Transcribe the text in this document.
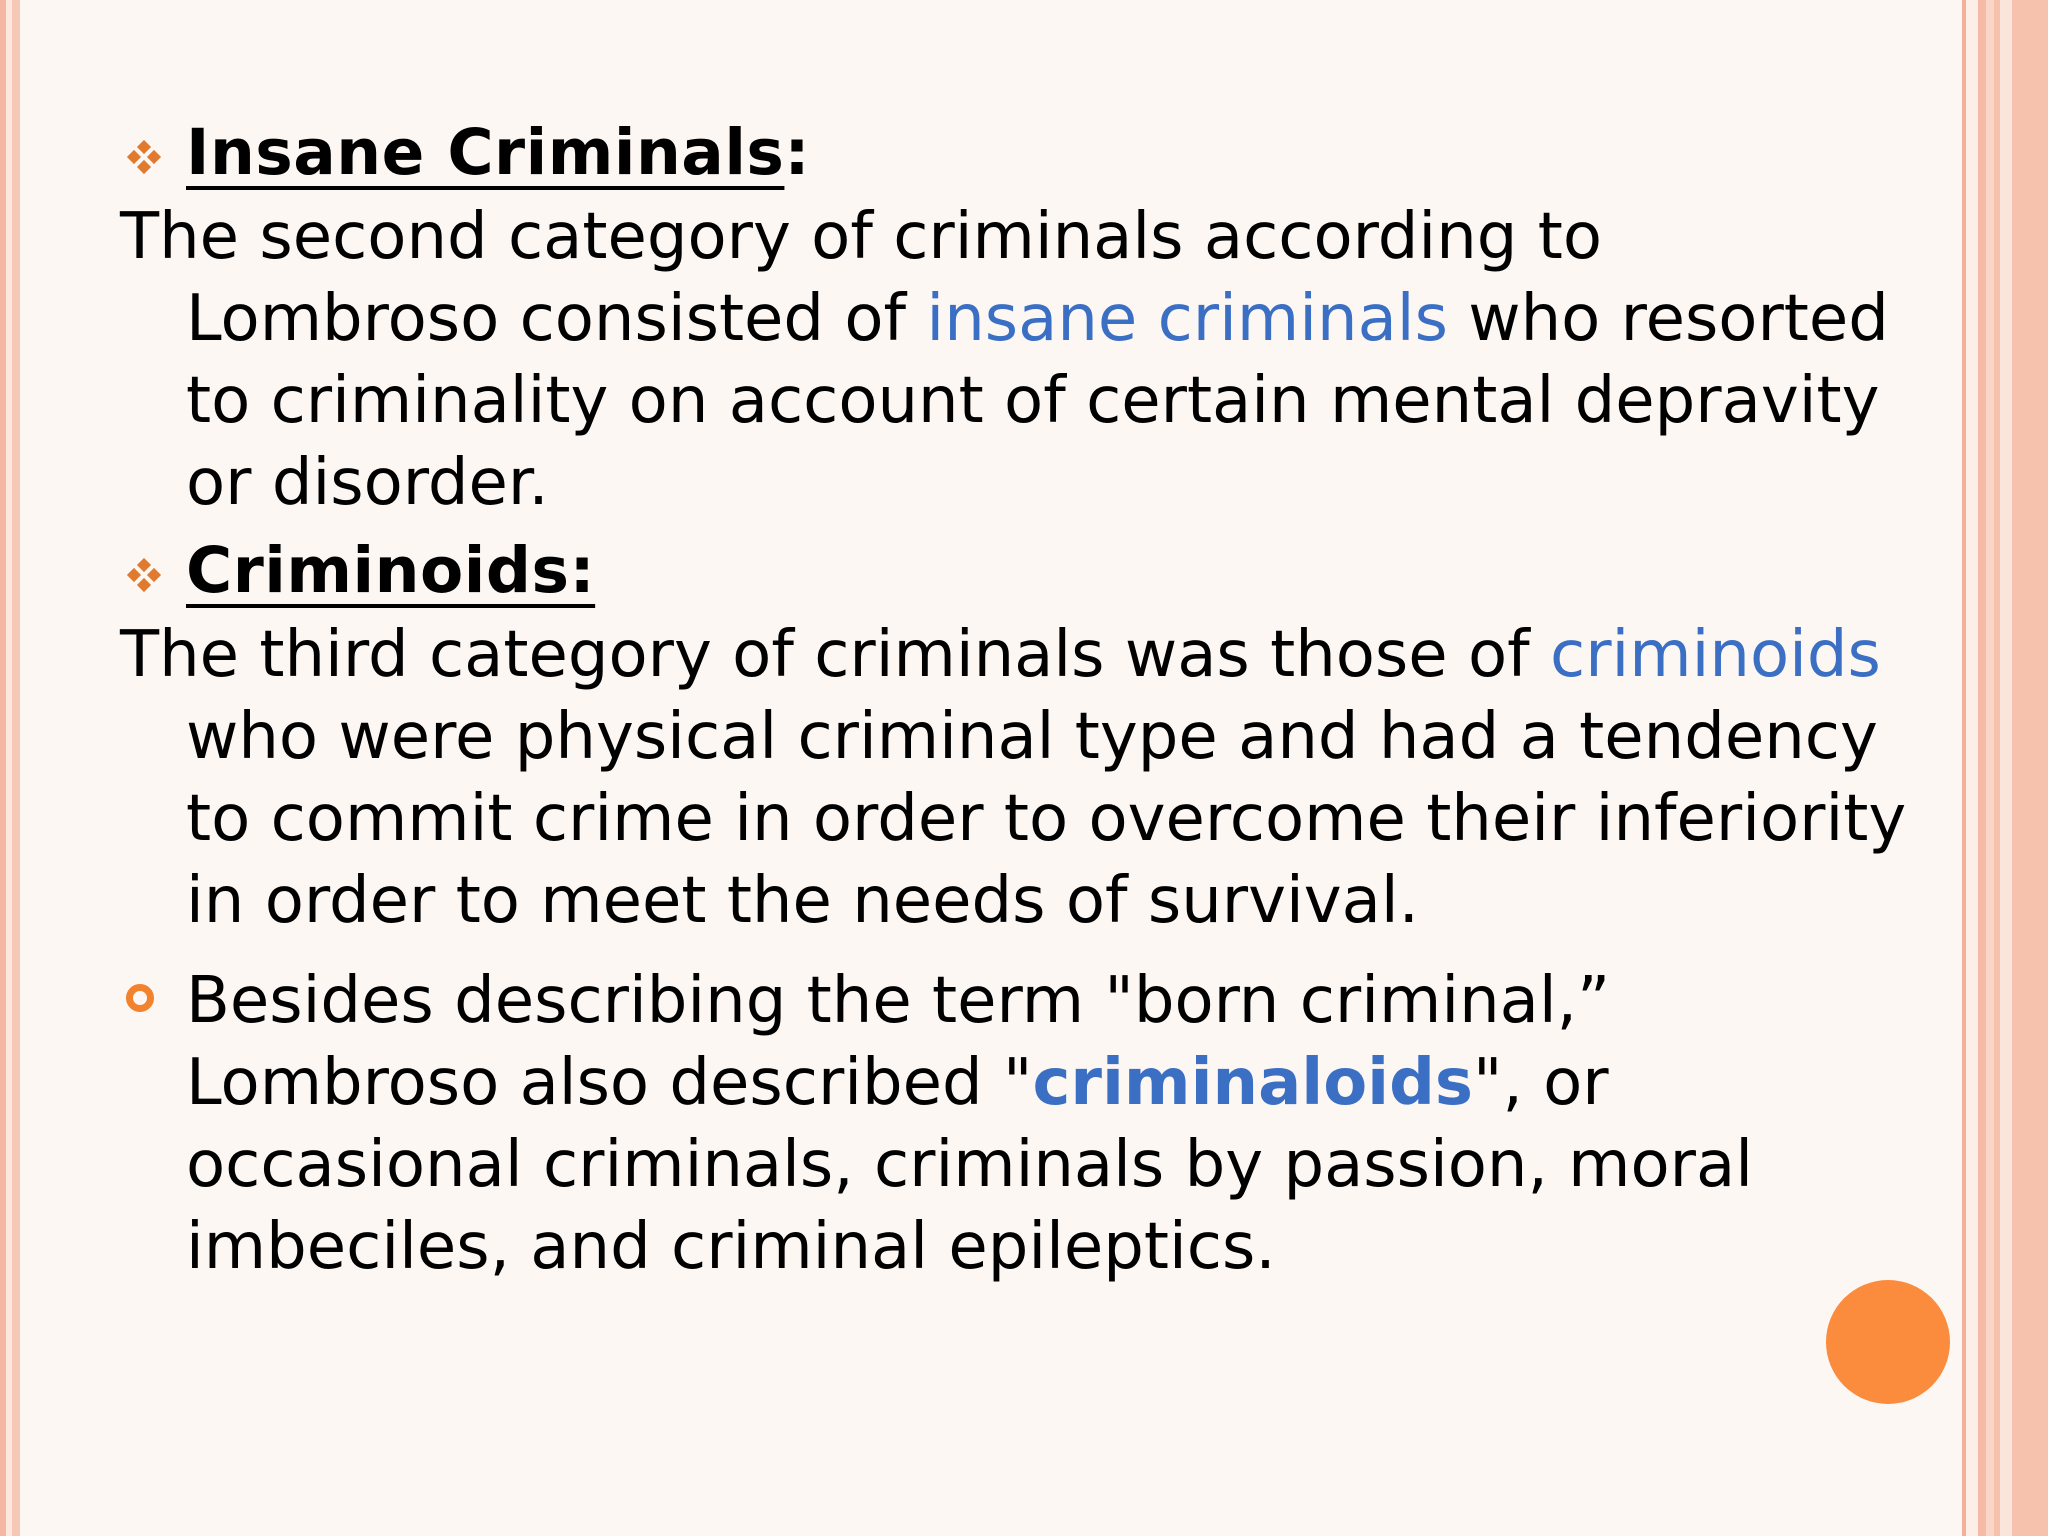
Insane Criminals:

The second category of criminals according to Lombroso consisted of insane criminals who resorted to criminality on account of certain mental depravity or disorder.

Criminoids:

The third category of criminals was those of criminoids who were physical criminal type and had a tendency to commit crime in order to overcome their inferiority in order to meet the needs of survival.

Besides describing the term "born criminal,” Lombroso also described "criminaloids", or occasional criminals, criminals by passion, moral imbeciles, and criminal epileptics.
